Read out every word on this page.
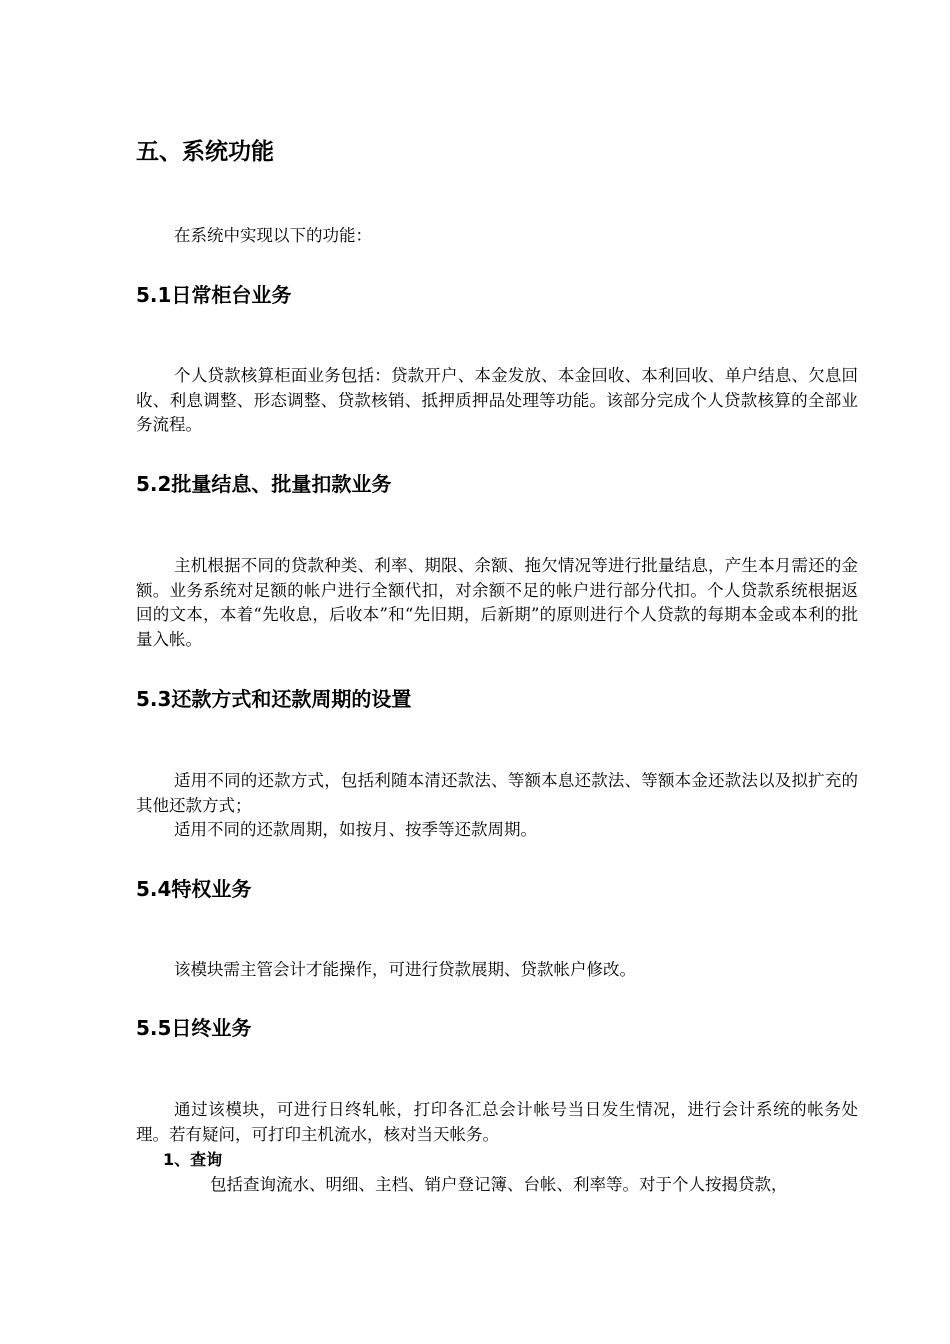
五、系统功能

在系统中实现以下的功能：

5.1日常柜台业务

个人贷款核算柜面业务包括：贷款开户、本金发放、本金回收、本利回收、单户结息、欠息回收、利息调整、形态调整、贷款核销、抵押质押品处理等功能。该部分完成个人贷款核算的全部业务流程。

5.2批量结息、批量扣款业务

主机根据不同的贷款种类、利率、期限、余额、拖欠情况等进行批量结息，产生本月需还的金额。业务系统对足额的帐户进行全额代扣，对余额不足的帐户进行部分代扣。个人贷款系统根据返回的文本，本着“先收息，后收本”和“先旧期，后新期”的原则进行个人贷款的每期本金或本利的批量入帐。

5.3还款方式和还款周期的设置

适用不同的还款方式，包括利随本清还款法、等额本息还款法、等额本金还款法以及拟扩充的其他还款方式；

适用不同的还款周期，如按月、按季等还款周期。

5.4特权业务

该模块需主管会计才能操作，可进行贷款展期、贷款帐户修改。

5.5日终业务

通过该模块，可进行日终轧帐，打印各汇总会计帐号当日发生情况，进行会计系统的帐务处理。若有疑问，可打印主机流水，核对当天帐务。

1、查询

包括查询流水、明细、主档、销户登记簿、台帐、利率等。对于个人按揭贷款，
